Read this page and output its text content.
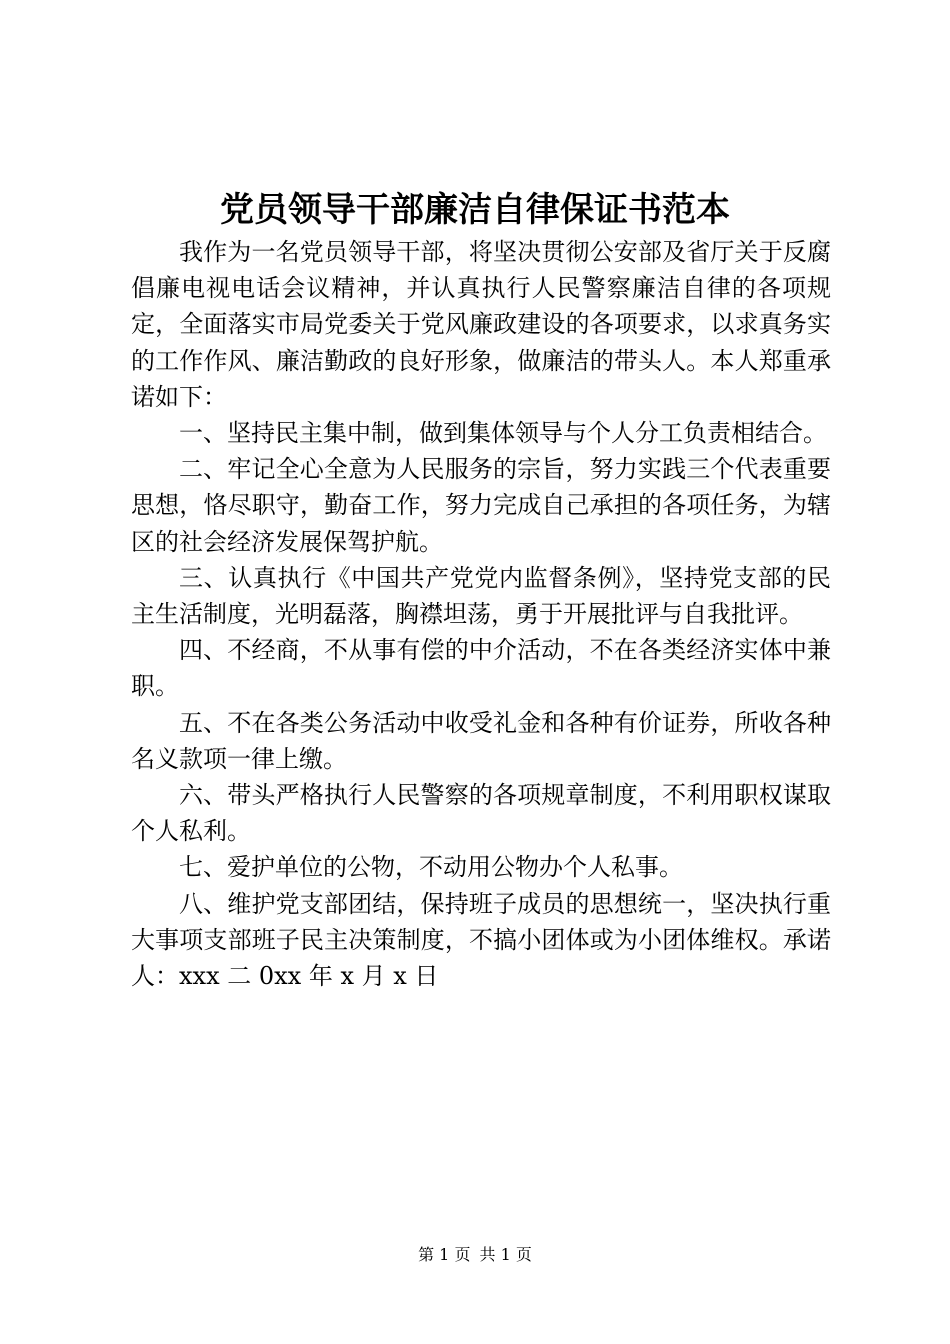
党员领导干部廉洁自律保证书范本

我作为一名党员领导干部，将坚决贯彻公安部及省厅关于反腐倡廉电视电话会议精神，并认真执行人民警察廉洁自律的各项规定，全面落实市局党委关于党风廉政建设的各项要求，以求真务实的工作作风、廉洁勤政的良好形象，做廉洁的带头人。本人郑重承诺如下：

一、坚持民主集中制，做到集体领导与个人分工负责相结合。

二、牢记全心全意为人民服务的宗旨，努力实践三个代表重要思想，恪尽职守，勤奋工作，努力完成自己承担的各项任务，为辖区的社会经济发展保驾护航。

三、认真执行《中国共产党党内监督条例》，坚持党支部的民主生活制度，光明磊落，胸襟坦荡，勇于开展批评与自我批评。

四、不经商，不从事有偿的中介活动，不在各类经济实体中兼职。

五、不在各类公务活动中收受礼金和各种有价证券，所收各种名义款项一律上缴。

六、带头严格执行人民警察的各项规章制度，不利用职权谋取个人私利。

七、爱护单位的公物，不动用公物办个人私事。

八、维护党支部团结，保持班子成员的思想统一，坚决执行重大事项支部班子民主决策制度，不搞小团体或为小团体维权。承诺人：xxx 二 0xx 年 x 月 x 日

第 1 页 共 1 页
